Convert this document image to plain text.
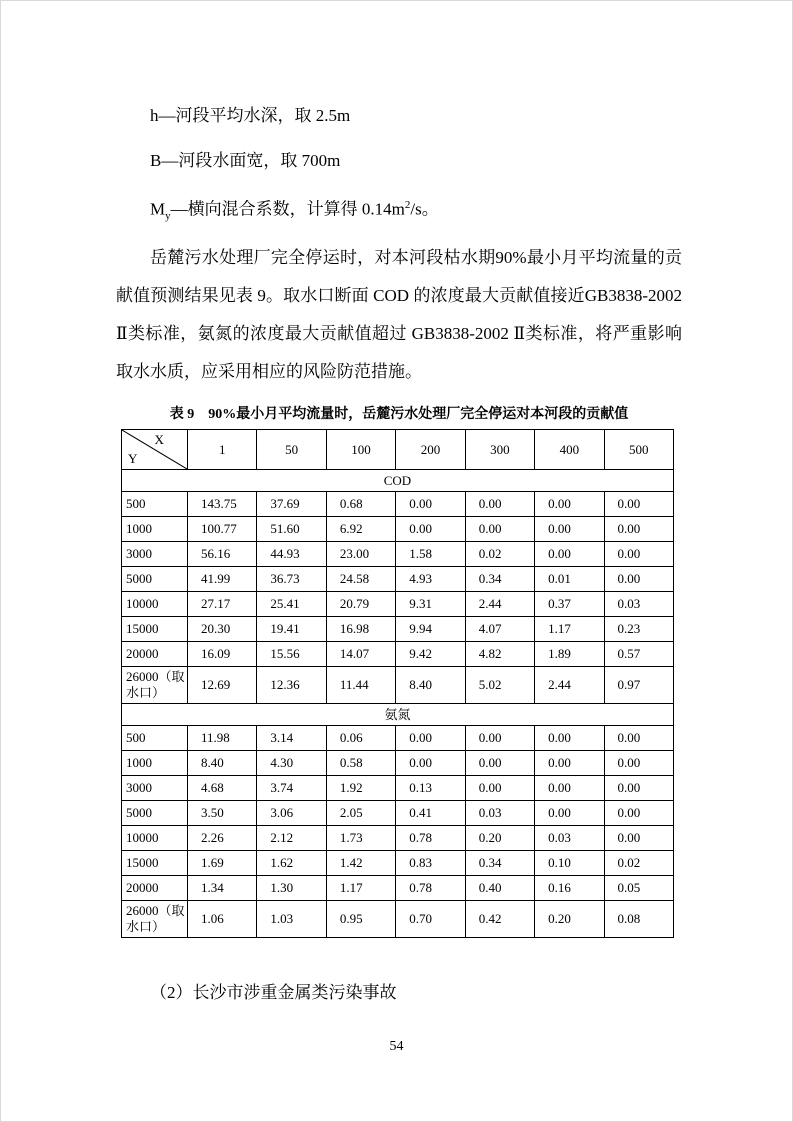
h—河段平均水深，取 2.5m

B—河段水面宽，取 700m

$M_y—$横向混合系数，计算得 $0.14m^2/s$。

岳麓污水处理厂完全停运时，对本河段枯水期90%最小月平均流量的贡献值预测结果见表 9。取水口断面 COD 的浓度最大贡献值接近GB3838-2002 Ⅱ类标准，氨氮的浓度最大贡献值超过 GB3838-2002 Ⅱ类标准，将严重影响取水水质，应采用相应的风险防范措施。

表 9　90%最小月平均流量时，岳麓污水处理厂完全停运对本河段的贡献值
X
Y	1	50	100	200	300	400	500
COD							
500	143.75	37.69	0.68	0.00	0.00	0.00	0.00
1000	100.77	51.60	6.92	0.00	0.00	0.00	0.00
3000	56.16	44.93	23.00	1.58	0.02	0.00	0.00
5000	41.99	36.73	24.58	4.93	0.34	0.01	0.00
10000	27.17	25.41	20.79	9.31	2.44	0.37	0.03
15000	20.30	19.41	16.98	9.94	4.07	1.17	0.23
20000	16.09	15.56	14.07	9.42	4.82	1.89	0.57
26000（取水口）	12.69	12.36	11.44	8.40	5.02	2.44	0.97
氨氮							
500	11.98	3.14	0.06	0.00	0.00	0.00	0.00
1000	8.40	4.30	0.58	0.00	0.00	0.00	0.00
3000	4.68	3.74	1.92	0.13	0.00	0.00	0.00
5000	3.50	3.06	2.05	0.41	0.03	0.00	0.00
10000	2.26	2.12	1.73	0.78	0.20	0.03	0.00
15000	1.69	1.62	1.42	0.83	0.34	0.10	0.02
20000	1.34	1.30	1.17	0.78	0.40	0.16	0.05
26000（取水口）	1.06	1.03	0.95	0.70	0.42	0.20	0.08

（2）长沙市涉重金属类污染事故

54
